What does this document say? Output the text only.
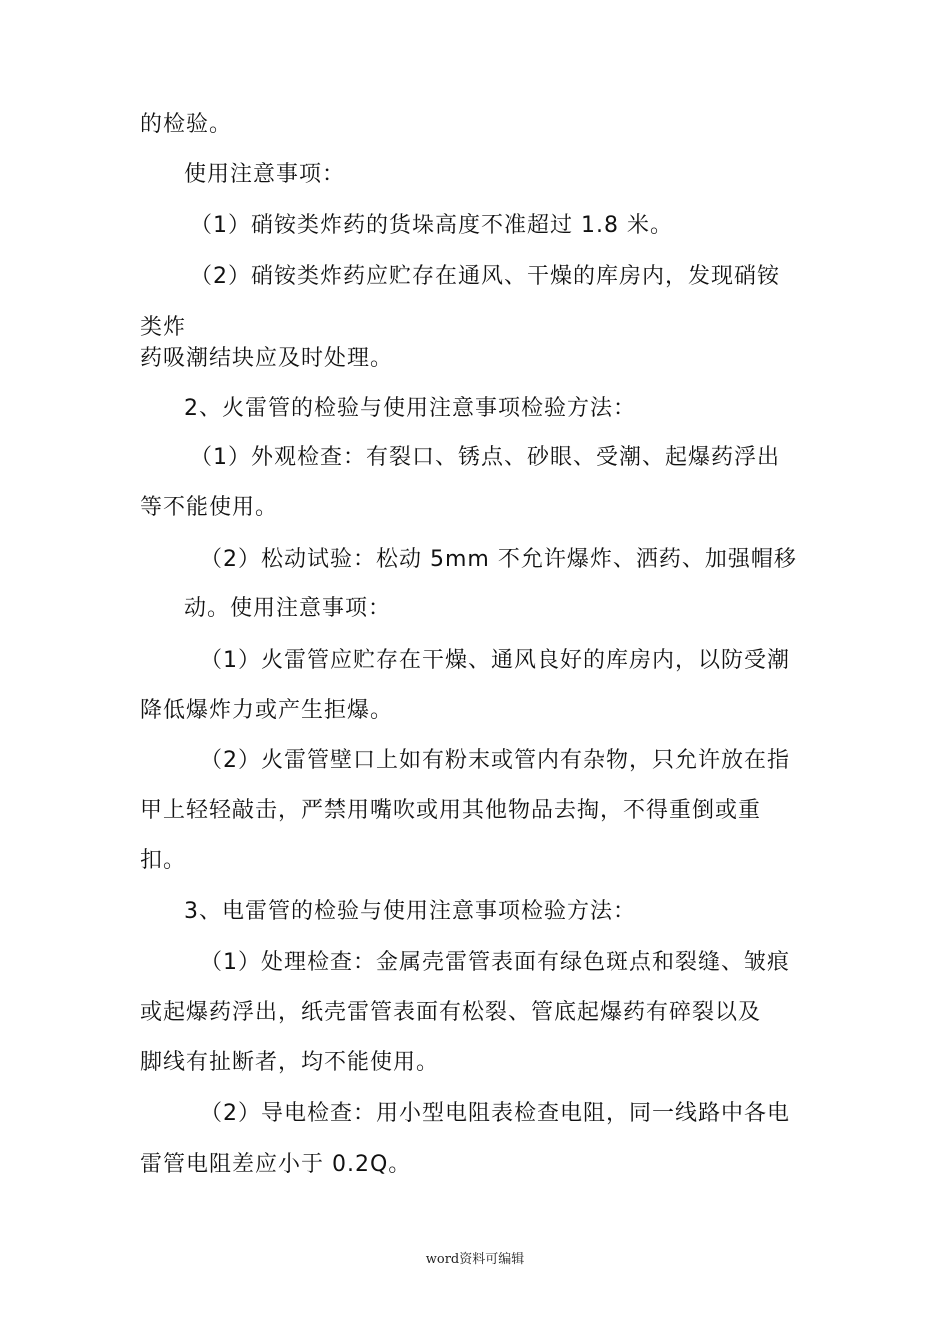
的检验。
使用注意事项：
（1）硝铵类炸药的货垛高度不准超过 1.8 米。
（2）硝铵类炸药应贮存在通风、干燥的库房内，发现硝铵
类炸
药吸潮结块应及时处理。
2、火雷管的检验与使用注意事项检验方法：
（1）外观检查：有裂口、锈点、砂眼、受潮、起爆药浮出
等不能使用。
（2）松动试验：松动 5mm 不允许爆炸、洒药、加强帽移
动。使用注意事项：
（1）火雷管应贮存在干燥、通风良好的库房内，以防受潮
降低爆炸力或产生拒爆。
（2）火雷管壁口上如有粉末或管内有杂物，只允许放在指
甲上轻轻敲击，严禁用嘴吹或用其他物品去掏，不得重倒或重
扣。
3、电雷管的检验与使用注意事项检验方法：
（1）处理检查：金属壳雷管表面有绿色斑点和裂缝、皱痕
或起爆药浮出，纸壳雷管表面有松裂、管底起爆药有碎裂以及
脚线有扯断者，均不能使用。
（2）导电检查：用小型电阻表检查电阻，同一线路中各电
雷管电阻差应小于 0.2Q。
word资料可编辑
